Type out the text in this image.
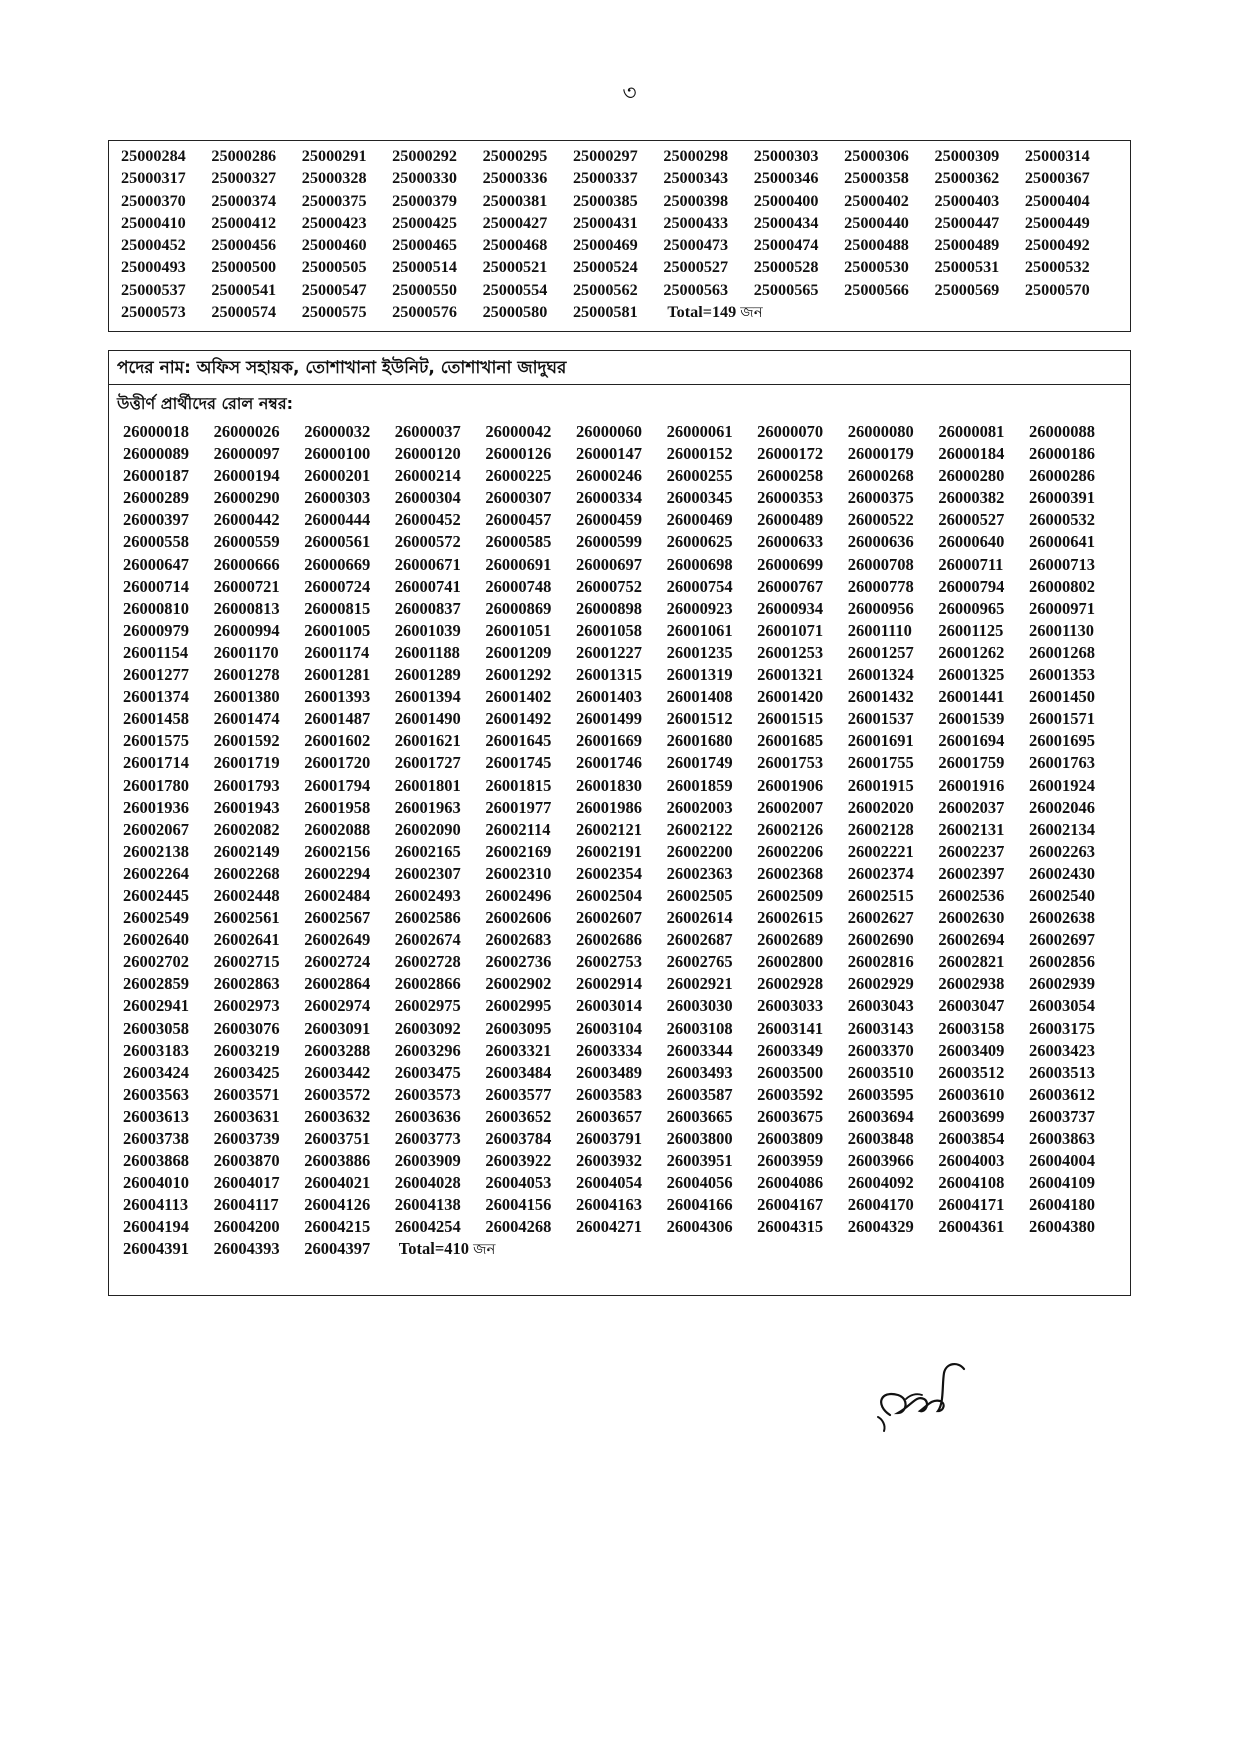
৩
25000284	25000286	25000291	25000292	25000295	25000297	25000298	25000303	25000306	25000309	25000314
25000317	25000327	25000328	25000330	25000336	25000337	25000343	25000346	25000358	25000362	25000367
25000370	25000374	25000375	25000379	25000381	25000385	25000398	25000400	25000402	25000403	25000404
25000410	25000412	25000423	25000425	25000427	25000431	25000433	25000434	25000440	25000447	25000449
25000452	25000456	25000460	25000465	25000468	25000469	25000473	25000474	25000488	25000489	25000492
25000493	25000500	25000505	25000514	25000521	25000524	25000527	25000528	25000530	25000531	25000532
25000537	25000541	25000547	25000550	25000554	25000562	25000563	25000565	25000566	25000569	25000570
25000573	25000574	25000575	25000576	25000580	25000581	Total=149 জন
পদের নাম: অফিস সহায়ক, তোশাখানা ইউনিট, তোশাখানা জাদুঘর
উত্তীর্ণ প্রার্থীদের রোল নম্বর:
26000018	26000026	26000032	26000037	26000042	26000060	26000061	26000070	26000080	26000081	26000088
26000089	26000097	26000100	26000120	26000126	26000147	26000152	26000172	26000179	26000184	26000186
26000187	26000194	26000201	26000214	26000225	26000246	26000255	26000258	26000268	26000280	26000286
26000289	26000290	26000303	26000304	26000307	26000334	26000345	26000353	26000375	26000382	26000391
26000397	26000442	26000444	26000452	26000457	26000459	26000469	26000489	26000522	26000527	26000532
26000558	26000559	26000561	26000572	26000585	26000599	26000625	26000633	26000636	26000640	26000641
26000647	26000666	26000669	26000671	26000691	26000697	26000698	26000699	26000708	26000711	26000713
26000714	26000721	26000724	26000741	26000748	26000752	26000754	26000767	26000778	26000794	26000802
26000810	26000813	26000815	26000837	26000869	26000898	26000923	26000934	26000956	26000965	26000971
26000979	26000994	26001005	26001039	26001051	26001058	26001061	26001071	26001110	26001125	26001130
26001154	26001170	26001174	26001188	26001209	26001227	26001235	26001253	26001257	26001262	26001268
26001277	26001278	26001281	26001289	26001292	26001315	26001319	26001321	26001324	26001325	26001353
26001374	26001380	26001393	26001394	26001402	26001403	26001408	26001420	26001432	26001441	26001450
26001458	26001474	26001487	26001490	26001492	26001499	26001512	26001515	26001537	26001539	26001571
26001575	26001592	26001602	26001621	26001645	26001669	26001680	26001685	26001691	26001694	26001695
26001714	26001719	26001720	26001727	26001745	26001746	26001749	26001753	26001755	26001759	26001763
26001780	26001793	26001794	26001801	26001815	26001830	26001859	26001906	26001915	26001916	26001924
26001936	26001943	26001958	26001963	26001977	26001986	26002003	26002007	26002020	26002037	26002046
26002067	26002082	26002088	26002090	26002114	26002121	26002122	26002126	26002128	26002131	26002134
26002138	26002149	26002156	26002165	26002169	26002191	26002200	26002206	26002221	26002237	26002263
26002264	26002268	26002294	26002307	26002310	26002354	26002363	26002368	26002374	26002397	26002430
26002445	26002448	26002484	26002493	26002496	26002504	26002505	26002509	26002515	26002536	26002540
26002549	26002561	26002567	26002586	26002606	26002607	26002614	26002615	26002627	26002630	26002638
26002640	26002641	26002649	26002674	26002683	26002686	26002687	26002689	26002690	26002694	26002697
26002702	26002715	26002724	26002728	26002736	26002753	26002765	26002800	26002816	26002821	26002856
26002859	26002863	26002864	26002866	26002902	26002914	26002921	26002928	26002929	26002938	26002939
26002941	26002973	26002974	26002975	26002995	26003014	26003030	26003033	26003043	26003047	26003054
26003058	26003076	26003091	26003092	26003095	26003104	26003108	26003141	26003143	26003158	26003175
26003183	26003219	26003288	26003296	26003321	26003334	26003344	26003349	26003370	26003409	26003423
26003424	26003425	26003442	26003475	26003484	26003489	26003493	26003500	26003510	26003512	26003513
26003563	26003571	26003572	26003573	26003577	26003583	26003587	26003592	26003595	26003610	26003612
26003613	26003631	26003632	26003636	26003652	26003657	26003665	26003675	26003694	26003699	26003737
26003738	26003739	26003751	26003773	26003784	26003791	26003800	26003809	26003848	26003854	26003863
26003868	26003870	26003886	26003909	26003922	26003932	26003951	26003959	26003966	26004003	26004004
26004010	26004017	26004021	26004028	26004053	26004054	26004056	26004086	26004092	26004108	26004109
26004113	26004117	26004126	26004138	26004156	26004163	26004166	26004167	26004170	26004171	26004180
26004194	26004200	26004215	26004254	26004268	26004271	26004306	26004315	26004329	26004361	26004380
26004391	26004393	26004397	Total=410 জন
